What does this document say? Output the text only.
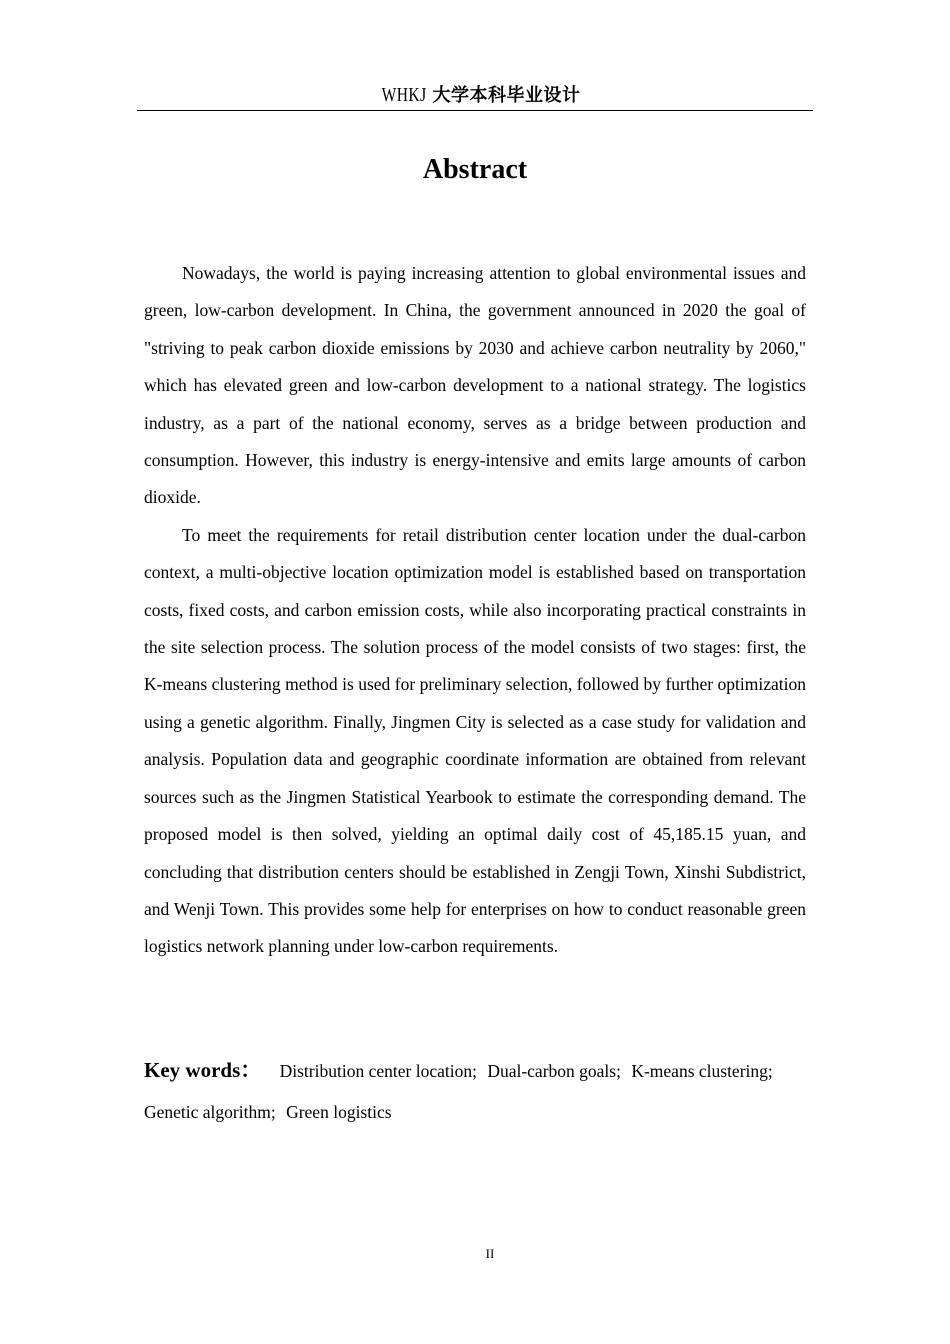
WHKJ 大学本科毕业设计
Abstract

Nowadays, the world is paying increasing attention to global environmental issues and green, low-carbon development. In China, the government announced in 2020 the goal of "striving to peak carbon dioxide emissions by 2030 and achieve carbon neutrality by 2060," which has elevated green and low-carbon development to a national strategy. The logistics industry, as a part of the national economy, serves as a bridge between production and consumption. However, this industry is energy-intensive and emits large amounts of carbon dioxide.

To meet the requirements for retail distribution center location under the dual-carbon context, a multi-objective location optimization model is established based on transportation costs, fixed costs, and carbon emission costs, while also incorporating practical constraints in the site selection process. The solution process of the model consists of two stages: first, the K-means clustering method is used for preliminary selection, followed by further optimization using a genetic algorithm. Finally, Jingmen City is selected as a case study for validation and analysis. Population data and geographic coordinate information are obtained from relevant sources such as the Jingmen Statistical Yearbook to estimate the corresponding demand. The proposed model is then solved, yielding an optimal daily cost of 45,185.15 yuan, and concluding that distribution centers should be established in Zengji Town, Xinshi Subdistrict, and Wenji Town. This provides some help for enterprises on how to conduct reasonable green logistics network planning under low-carbon requirements.

Key words： Distribution center location; Dual-carbon goals; K-means clustering; Genetic algorithm; Green logistics
II
